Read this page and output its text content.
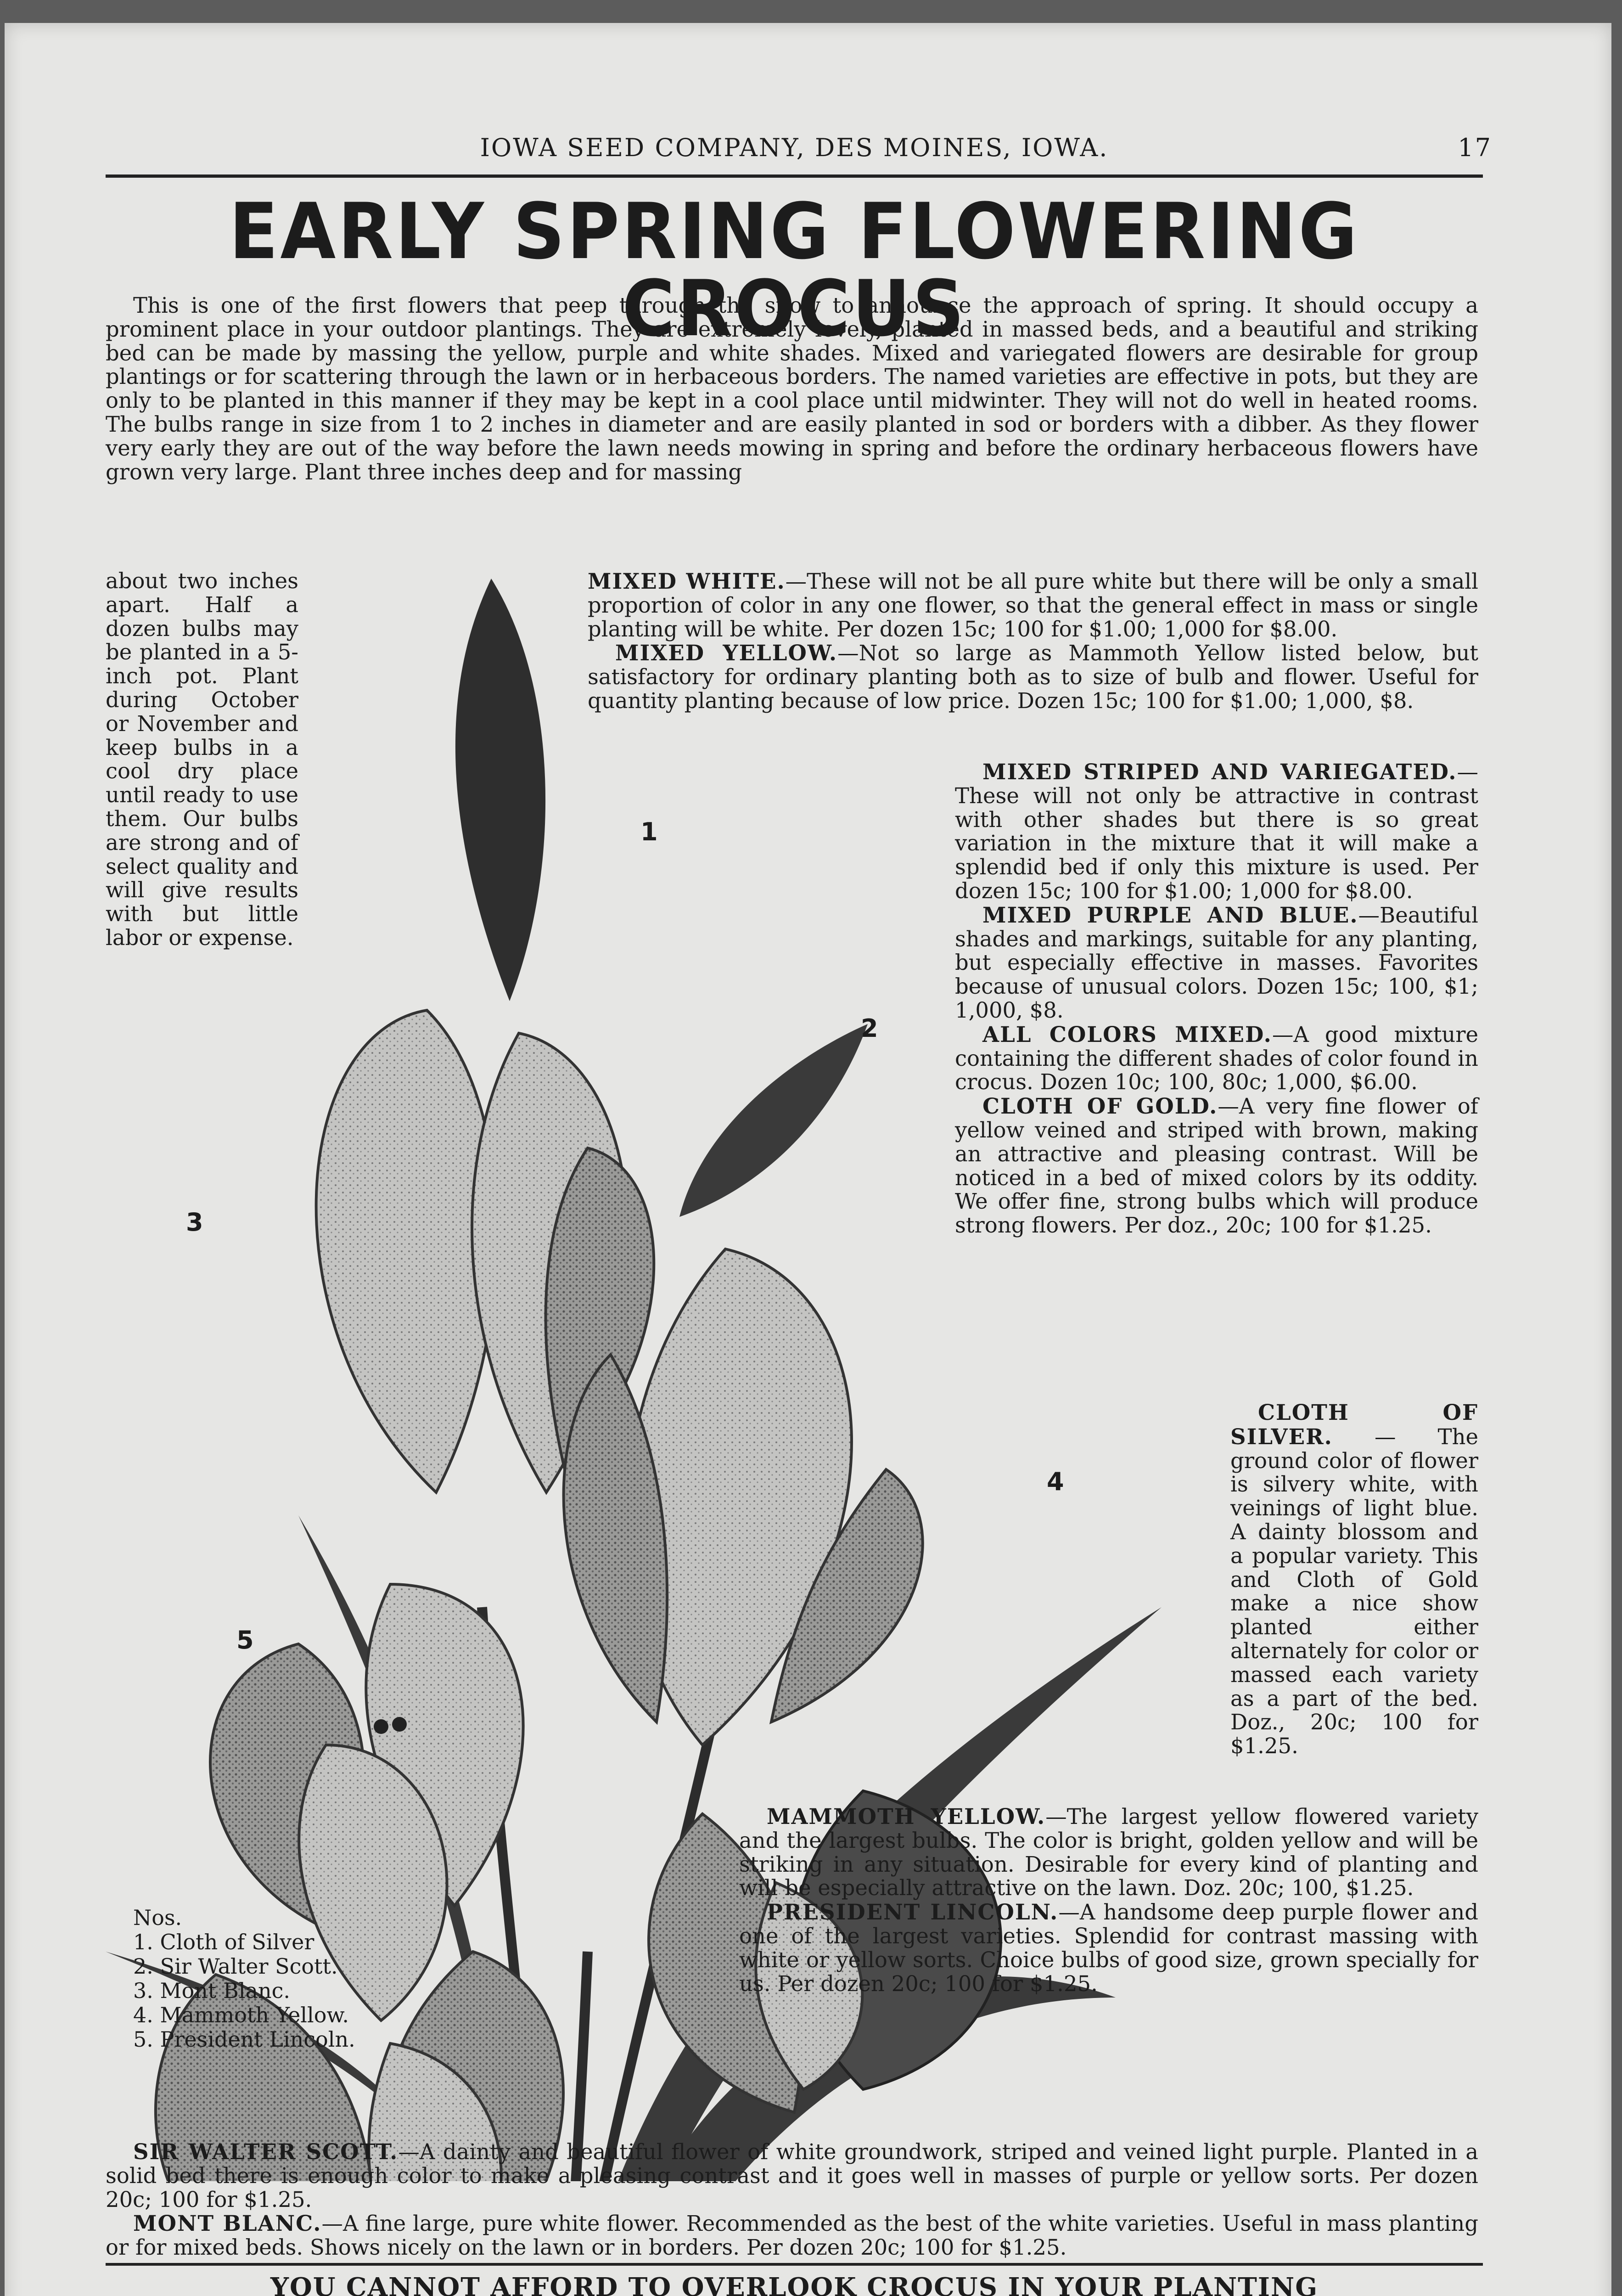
IOWA SEED COMPANY, DES MOINES, IOWA.	17
EARLY SPRING FLOWERING CROCUS

This is one of the first flowers that peep through the snow to announce the approach of spring. It should occupy a prominent place in your outdoor plantings. They are extremely lovely, planted in massed beds, and a beautiful and striking bed can be made by massing the yellow, purple and white shades. Mixed and variegated flowers are desirable for group plantings or for scattering through the lawn or in herbaceous borders. The named varieties are effective in pots, but they are only to be planted in this manner if they may be kept in a cool place until midwinter. They will not do well in heated rooms. The bulbs range in size from 1 to 2 inches in diameter and are easily planted in sod or borders with a dibber. As they flower very early they are out of the way before the lawn needs mowing in spring and before the ordinary herbaceous flowers have grown very large. Plant three inches deep and for massing

about two inches apart. Half a dozen bulbs may be planted in a 5-inch pot. Plant during October or November and keep bulbs in a cool dry place until ready to use them. Our bulbs are strong and of select quality and will give results with but little labor or expense.

1
2
3
4
5

MIXED WHITE.—These will not be all pure white but there will be only a small proportion of color in any one flower, so that the general effect in mass or single planting will be white. Per dozen 15c; 100 for $1.00; 1,000 for $8.00.

MIXED YELLOW.—Not so large as Mammoth Yellow listed below, but satisfactory for ordinary planting both as to size of bulb and flower. Useful for quantity planting because of low price. Dozen 15c; 100 for $1.00; 1,000, $8.

MIXED STRIPED AND VARIEGATED.—These will not only be attractive in contrast with other shades but there is so great variation in the mixture that it will make a splendid bed if only this mixture is used. Per dozen 15c; 100 for $1.00; 1,000 for $8.00.

MIXED PURPLE AND BLUE.—Beautiful shades and markings, suitable for any planting, but especially effective in masses. Favorites because of unusual colors. Dozen 15c; 100, $1; 1,000, $8.

ALL COLORS MIXED.—A good mixture containing the different shades of color found in crocus. Dozen 10c; 100, 80c; 1,000, $6.00.

CLOTH OF GOLD.—A very fine flower of yellow veined and striped with brown, making an attractive and pleasing contrast. Will be noticed in a bed of mixed colors by its oddity. We offer fine, strong bulbs which will produce strong flowers. Per doz., 20c; 100 for $1.25.

CLOTH OF SILVER. — The ground color of flower is silvery white, with veinings of light blue. A dainty blossom and a popular variety. This and Cloth of Gold make a nice show planted either alternately for color or massed each variety as a part of the bed. Doz., 20c; 100 for $1.25.

MAMMOTH YELLOW.—The largest yellow flowered variety and the largest bulbs. The color is bright, golden yellow and will be striking in any situation. Desirable for every kind of planting and will be especially attractive on the lawn. Doz. 20c; 100, $1.25.

PRESIDENT LINCOLN.—A handsome deep purple flower and one of the largest varieties. Splendid for contrast massing with white or yellow sorts. Choice bulbs of good size, grown specially for us. Per dozen 20c; 100 for $1.25.

Nos.
1. Cloth of Silver
2. Sir Walter Scott.
3. Mont Blanc.
4. Mammoth Yellow.
5. President Lincoln.

SIR WALTER SCOTT.—A dainty and beautiful flower of white groundwork, striped and veined light purple. Planted in a solid bed there is enough color to make a pleasing contrast and it goes well in masses of purple or yellow sorts. Per dozen 20c; 100 for $1.25.

MONT BLANC.—A fine large, pure white flower. Recommended as the best of the white varieties. Useful in mass planting or for mixed beds. Shows nicely on the lawn or in borders. Per dozen 20c; 100 for $1.25.

YOU CANNOT AFFORD TO OVERLOOK CROCUS IN YOUR PLANTING
